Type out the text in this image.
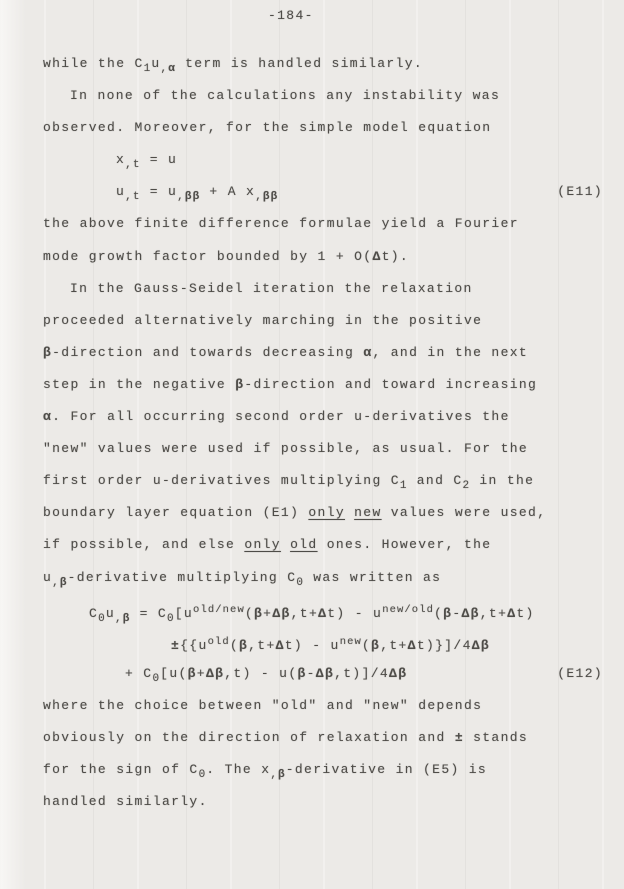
-184-
while the $C_1u_{,\alpha}$ term is handled similarly.
In none of the calculations any instability was
observed. Moreover, for the simple model equation
$x_{,t} = u$
$u_{,t} = u_{,\beta\beta} + A$ $x_{,\beta\beta}$	(E11)
the above finite difference formulae yield a Fourier
mode growth factor bounded by 1 + O(Δt).
In the Gauss-Seidel iteration the relaxation
proceeded alternatively marching in the positive
β-direction and towards decreasing α, and in the next
step in the negative β-direction and toward increasing
α. For all occurring second order u-derivatives the
"new" values were used if possible, as usual. For the
first order u-derivatives multiplying $C_1$ and $C_2$ in the
boundary layer equation (E1) only new values were used,
if possible, and else only old ones. However, the
$u_{,\beta}$-derivative multiplying $C_0$ was written as
$C_0u_{,\beta} = C_0[u^{old/new}(\beta+\Delta\beta,t+\Delta t) - u^{new/old}(\beta-\Delta\beta,t+\Delta t)$
$\pm\{\{u^{old}(\beta,t+\Delta t) - u^{new}(\beta,t+\Delta t)\}]/4\Delta\beta$
+ $C_0[u(\beta+\Delta\beta,t) - u(\beta-\Delta\beta,t)]/4\Delta\beta$	(E12)
where the choice between "old" and "new" depends
obviously on the direction of relaxation and ± stands
for the sign of $C_0$. The $x_{,\beta}$-derivative in (E5) is
handled similarly.
